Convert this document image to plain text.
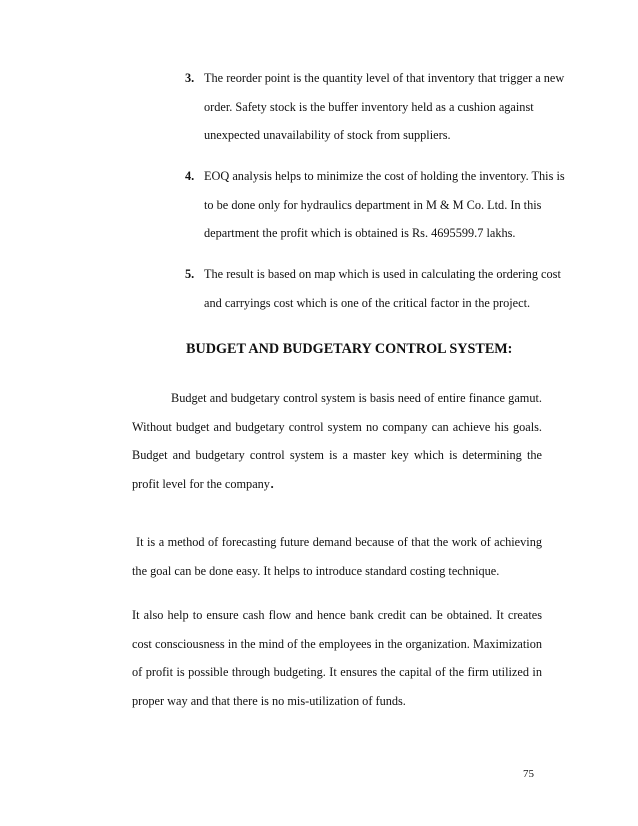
3. The reorder point is the quantity level of that inventory that trigger a new order. Safety stock is the buffer inventory held as a cushion against unexpected unavailability of stock from suppliers.
4. EOQ analysis helps to minimize the cost of holding the inventory. This is to be done only for hydraulics department in M & M Co. Ltd. In this department the profit which is obtained is Rs. 4695599.7 lakhs.
5. The result is based on map which is used in calculating the ordering cost and carryings cost which is one of the critical factor in the project.
BUDGET AND BUDGETARY CONTROL SYSTEM:
Budget and budgetary control system is basis need of entire finance gamut. Without budget and budgetary control system no company can achieve his goals. Budget and budgetary control system is a master key which is determining the profit level for the company.
It is a method of forecasting future demand because of that the work of achieving the goal can be done easy. It helps to introduce standard costing technique.
It also help to ensure cash flow and hence bank credit can be obtained. It creates cost consciousness in the mind of the employees in the organization. Maximization of profit is possible through budgeting. It ensures the capital of the firm utilized in proper way and that there is no mis-utilization of funds.
75
